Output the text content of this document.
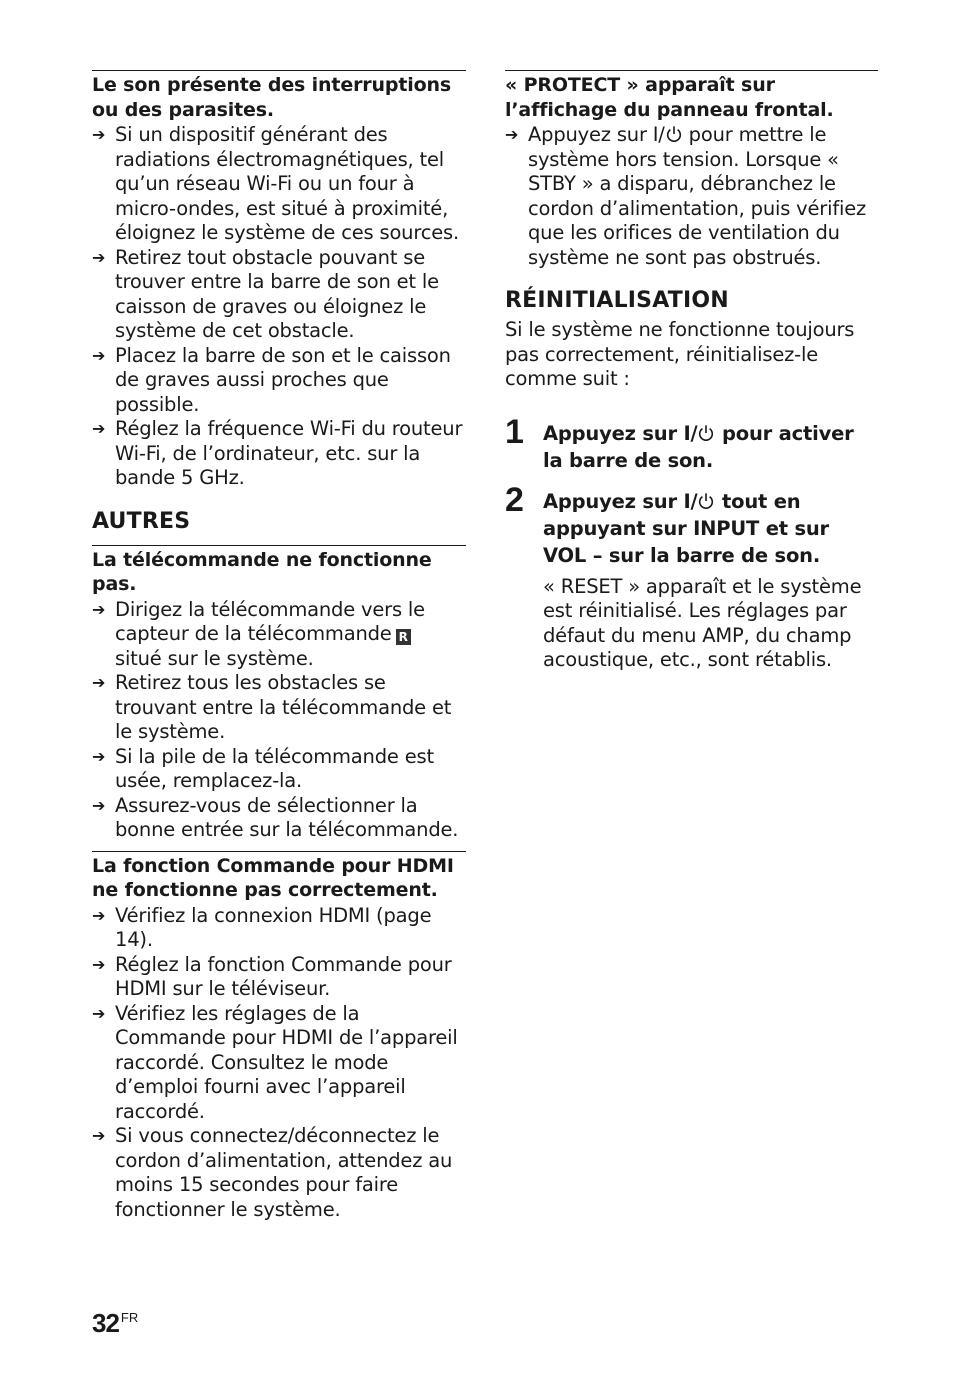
Le son présente des interruptions ou des parasites.

➔ Si un dispositif générant des radiations électromagnétiques, tel qu’un réseau Wi-Fi ou un four à micro-ondes, est situé à proximité, éloignez le système de ces sources.
➔ Retirez tout obstacle pouvant se trouver entre la barre de son et le caisson de graves ou éloignez le système de cet obstacle.
➔ Placez la barre de son et le caisson de graves aussi proches que possible.
➔ Réglez la fréquence Wi-Fi du routeur Wi-Fi, de l’ordinateur, etc. sur la bande 5 GHz.

AUTRES

La télécommande ne fonctionne pas.

➔ Dirigez la télécommande vers le capteur de la télécommande R
situé sur le système.
➔ Retirez tous les obstacles se trouvant entre la télécommande et le système.
➔ Si la pile de la télécommande est usée, remplacez-la.
➔ Assurez-vous de sélectionner la bonne entrée sur la télécommande.

La fonction Commande pour HDMI ne fonctionne pas correctement.

➔ Vérifiez la connexion HDMI (page 14).
➔ Réglez la fonction Commande pour HDMI sur le téléviseur.
➔ Vérifiez les réglages de la Commande pour HDMI de l’appareil raccordé. Consultez le mode d’emploi fourni avec l’appareil raccordé.
➔ Si vous connectez/déconnectez le cordon d’alimentation, attendez au moins 15 secondes pour faire fonctionner le système.

« PROTECT » apparaît sur l’affichage du panneau frontal.

➔ Appuyez sur I/ pour mettre le système hors tension. Lorsque « STBY » a disparu, débranchez le cordon d’alimentation, puis vérifiez que les orifices de ventilation du système ne sont pas obstrués.

RÉINITIALISATION

Si le système ne fonctionne toujours pas correctement, réinitialisez-le comme suit :

1 Appuyez sur I/ pour activer la barre de son.

2 Appuyez sur I/ tout en appuyant sur INPUT et sur VOL – sur la barre de son.

« RESET » apparaît et le système est réinitialisé. Les réglages par défaut du menu AMP, du champ acoustique, etc., sont rétablis.

32 $^{FR}$
